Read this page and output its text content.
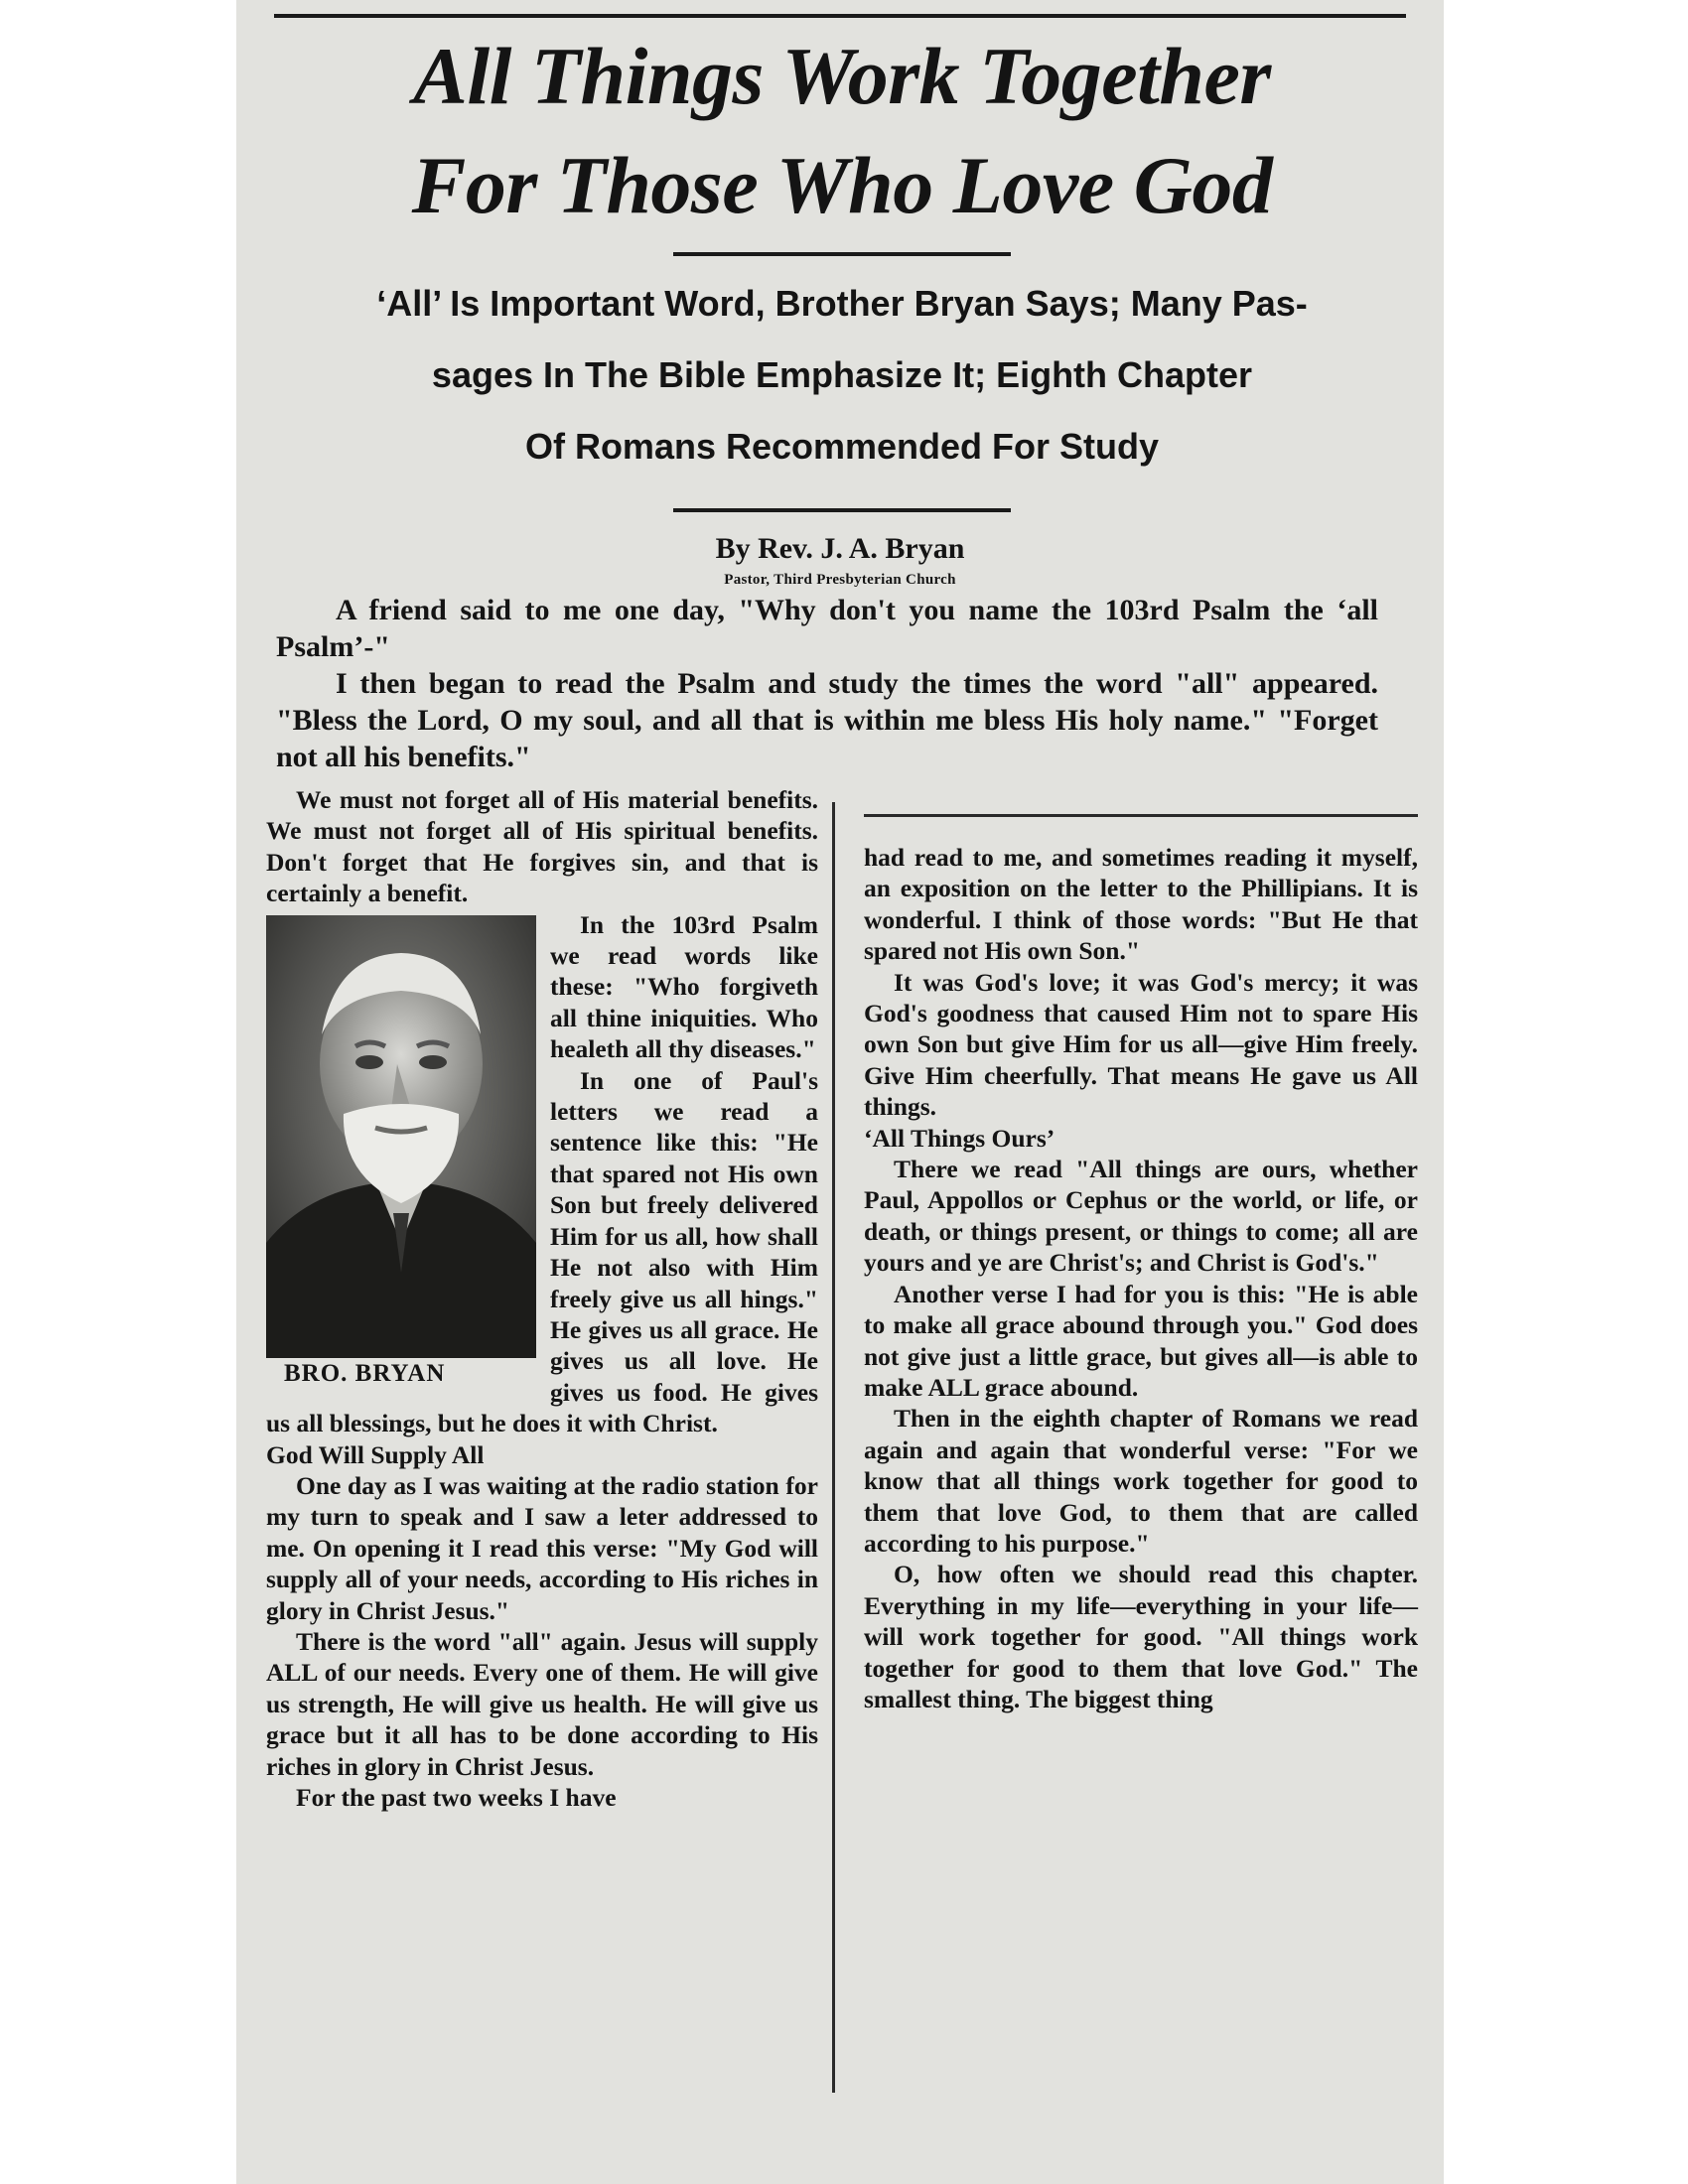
All Things Work Together
For Those Who Love God
‘All’ Is Important Word, Brother Bryan Says; Many Pas-
sages In The Bible Emphasize It; Eighth Chapter
Of Romans Recommended For Study
By Rev. J. A. Bryan
Pastor, Third Presbyterian Church

A friend said to me one day, "Why don't you name the 103rd Psalm the ‘all Psalm’-"

I then began to read the Psalm and study the times the word "all" appeared. "Bless the Lord, O my soul, and all that is within me bless His holy name." "Forget not all his benefits."

We must not forget all of His material benefits. We must not forget all of His spiritual benefits. Don't forget that He forgives sin, and that is certainly a benefit.

BRO. BRYAN

In the 103rd Psalm we read words like these: "Who forgiveth all thine iniquities. Who healeth all thy diseases."

In one of Paul's letters we read a sentence like this: "He that spared not His own Son but freely delivered Him for us all, how shall He not also with Him freely give us all hings." He gives us all grace. He gives us all love. He gives us food. He gives us all blessings, but he does it with Christ.

God Will Supply All

One day as I was waiting at the radio station for my turn to speak and I saw a leter addressed to me. On opening it I read this verse: "My God will supply all of your needs, according to His riches in glory in Christ Jesus."

There is the word "all" again. Jesus will supply ALL of our needs. Every one of them. He will give us strength, He will give us health. He will give us grace but it all has to be done according to His riches in glory in Christ Jesus.

For the past two weeks I have

had read to me, and sometimes reading it myself, an exposition on the letter to the Phillipians. It is wonderful. I think of those words: "But He that spared not His own Son."

It was God's love; it was God's mercy; it was God's goodness that caused Him not to spare His own Son but give Him for us all—give Him freely. Give Him cheerfully. That means He gave us All things.

‘All Things Ours’

There we read "All things are ours, whether Paul, Appollos or Cephus or the world, or life, or death, or things present, or things to come; all are yours and ye are Christ's; and Christ is God's."

Another verse I had for you is this: "He is able to make all grace abound through you." God does not give just a little grace, but gives all—is able to make ALL grace abound.

Then in the eighth chapter of Romans we read again and again that wonderful verse: "For we know that all things work together for good to them that love God, to them that are called according to his purpose."

O, how often we should read this chapter. Everything in my life—everything in your life—will work together for good. "All things work together for good to them that love God." The smallest thing. The biggest thing
